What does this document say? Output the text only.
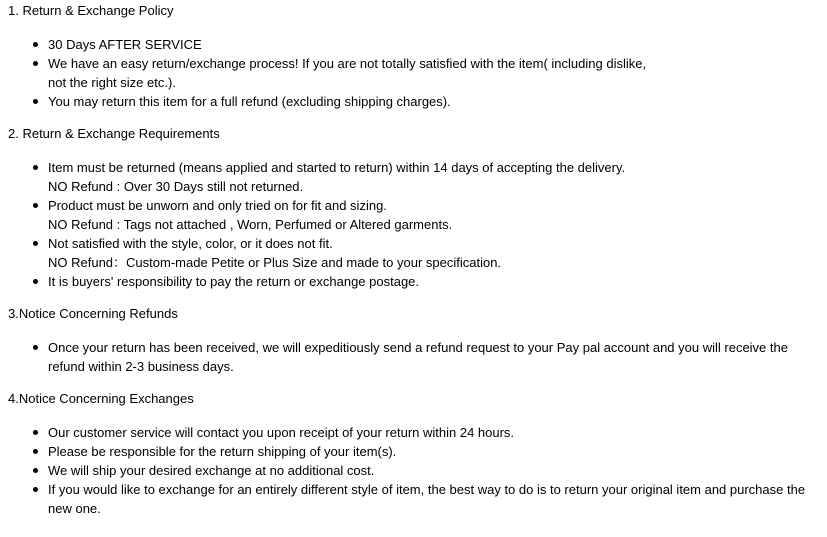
1. Return & Exchange Policy

30 Days AFTER SERVICE
We have an easy return/exchange process! If you are not totally satisfied with the item( including dislike,
not the right size etc.).
You may return this item for a full refund (excluding shipping charges).

2. Return & Exchange Requirements

Item must be returned (means applied and started to return) within 14 days of accepting the delivery.
NO Refund : Over 30 Days still not returned.
Product must be unworn and only tried on for fit and sizing.
NO Refund : Tags not attached , Worn, Perfumed or Altered garments.
Not satisfied with the style, color, or it does not fit.
NO Refund：Custom-made Petite or Plus Size and made to your specification.
It is buyers' responsibility to pay the return or exchange postage.

3.Notice Concerning Refunds

Once your return has been received, we will expeditiously send a refund request to your Pay pal account and you will receive the
refund within 2-3 business days.

4.Notice Concerning Exchanges

Our customer service will contact you upon receipt of your return within 24 hours.
Please be responsible for the return shipping of your item(s).
We will ship your desired exchange at no additional cost.
If you would like to exchange for an entirely different style of item, the best way to do is to return your original item and purchase the
new one.
